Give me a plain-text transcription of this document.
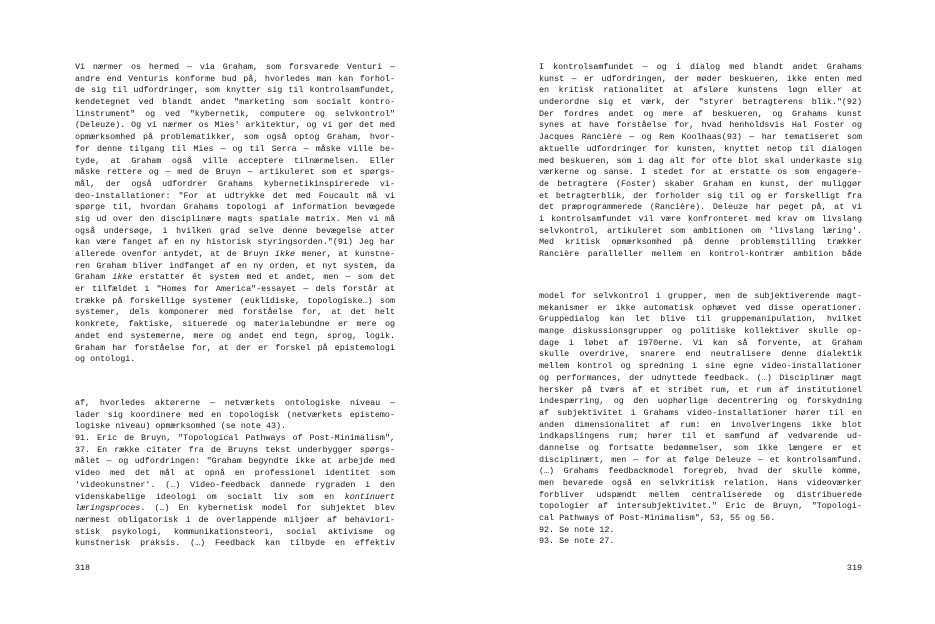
Vi nærmer os hermed — via Graham, som forsvarede Venturi —
andre end Venturis konforme bud på, hvorledes man kan forhol-
de sig til udfordringer, som knytter sig til kontrolsamfundet,
kendetegnet ved blandt andet "marketing som socialt kontro-
linstrument" og ved "kybernetik, computere og selvkontrol"
(Deleuze). Og vi nærmer os Mies' arkitektur, og vi gør det med
opmærksomhed på problematikker, som også optog Graham, hvor-
for denne tilgang til Mies — og til Serra — måske ville be-
tyde, at Graham også ville acceptere tilnærmelsen. Eller
måske rettere og — med de Bruyn — artikuleret som et spørgs-
mål, der også udfordrer Grahams kybernetikinspirerede vi-
deo-installationer: "For at udtrykke det med Foucault må vi
spørge til, hvordan Grahams topologi af information bevægede
sig ud over den disciplinære magts spatiale matrix. Men vi må
også undersøge, i hvilken grad selve denne bevægelse atter
kan være fanget af en ny historisk styringsorden."(91) Jeg har
allerede ovenfor antydet, at de Bruyn ikke mener, at kunstne-
ren Graham bliver indfanget af en ny orden, et nyt system, da
Graham ikke erstatter ét system med et andet, men — som det
er tilfældet i "Homes for America"-essayet — dels forstår at
trække på forskellige systemer (euklidiske, topologiske…) som
systemer, dels komponerer med forståelse for, at det helt
konkrete, faktiske, situerede og materialebundne er mere og
andet end systemerne, mere og andet end tegn, sprog, logik.
Graham har forståelse for, at der er forskel på epistemologi
og ontologi.
af, hvorledes aktørerne — netværkets ontologiske niveau —
lader sig koordinere med en topologisk (netværkets epistemo-
logiske niveau) opmærksomhed (se note 43).
91. Eric de Bruyn, "Topological Pathways of Post-Minimalism",
37. En række citater fra de Bruyns tekst underbygger spørgs-
målet — og udfordringen: "Graham begyndte ikke at arbejde med
video med det mål at opnå en professionel identitet som
'videokunstner'. (…) Video-feedback dannede rygraden i den
videnskabelige ideologi om socialt liv som en kontinuert
læringsproces. (…) En kybernetisk model for subjektet blev
nærmest obligatorisk i de overlappende miljøer af behaviori-
stisk psykologi, kommunikationsteori, social aktivisme og
kunstnerisk praksis. (…) Feedback kan tilbyde en effektiv
318
I kontrolsamfundet — og i dialog med blandt andet Grahams
kunst — er udfordringen, der møder beskueren, ikke enten med
en kritisk rationalitet at afsløre kunstens løgn eller at
underordne sig et værk, der "styrer betragterens blik."(92)
Der fordres andet og mere af beskueren, og Grahams kunst
synes at have forståelse for, hvad henholdsvis Hal Foster og
Jacques Rancière — og Rem Koolhaas(93) — har tematiseret som
aktuelle udfordringer for kunsten, knyttet netop til dialogen
med beskueren, som i dag alt for ofte blot skal underkaste sig
værkerne og sanse. I stedet for at erstatte os som engagere-
de betragtere (Foster) skaber Graham en kunst, der muliggør
et betragterblik, der forholder sig til og er forskelligt fra
det præprogrammerede (Rancière). Deleuze har peget på, at vi
i kontrolsamfundet vil være konfronteret med krav om livslang
selvkontrol, artikuleret som ambitionen om 'livslang læring'.
Med kritisk opmærksomhed på denne problemstilling trækker
Rancière paralleller mellem en kontrol-kontrær ambition både
model for selvkontrol i grupper, men de subjektiverende magt-
mekanismer er ikke automatisk ophævet ved disse operationer.
Gruppedialog kan let blive til gruppemanipulation, hvilket
mange diskussionsgrupper og politiske kollektiver skulle op-
dage i løbet af 1970erne. Vi kan så forvente, at Graham
skulle overdrive, snarere end neutralisere denne dialektik
mellem kontrol og spredning i sine egne video-installationer
og performances, der udnyttede feedback. (…) Disciplinær magt
hersker på tværs af et stribet rum, et rum af institutionel
indespærring, og den uophørlige decentrering og forskydning
af subjektivitet i Grahams video-installationer hører til en
anden dimensionalitet af rum: en involveringens ikke blot
indkapslingens rum; hører til et samfund af vedvarende ud-
dannelse og fortsatte bedømmelser, som ikke længere er et
disciplinært, men — for at følge Deleuze — et kontrolsamfund.
(…) Grahams feedbackmodel foregreb, hvad der skulle komme,
men bevarede også en selvkritisk relation. Hans videoværker
forbliver udspændt mellem centraliserede og distribuerede
topologier af intersubjektivitet." Eric de Bruyn, "Topologi-
cal Pathways of Post-Minimalism", 53, 55 og 56.
92. Se note 12.
93. Se note 27.
319
